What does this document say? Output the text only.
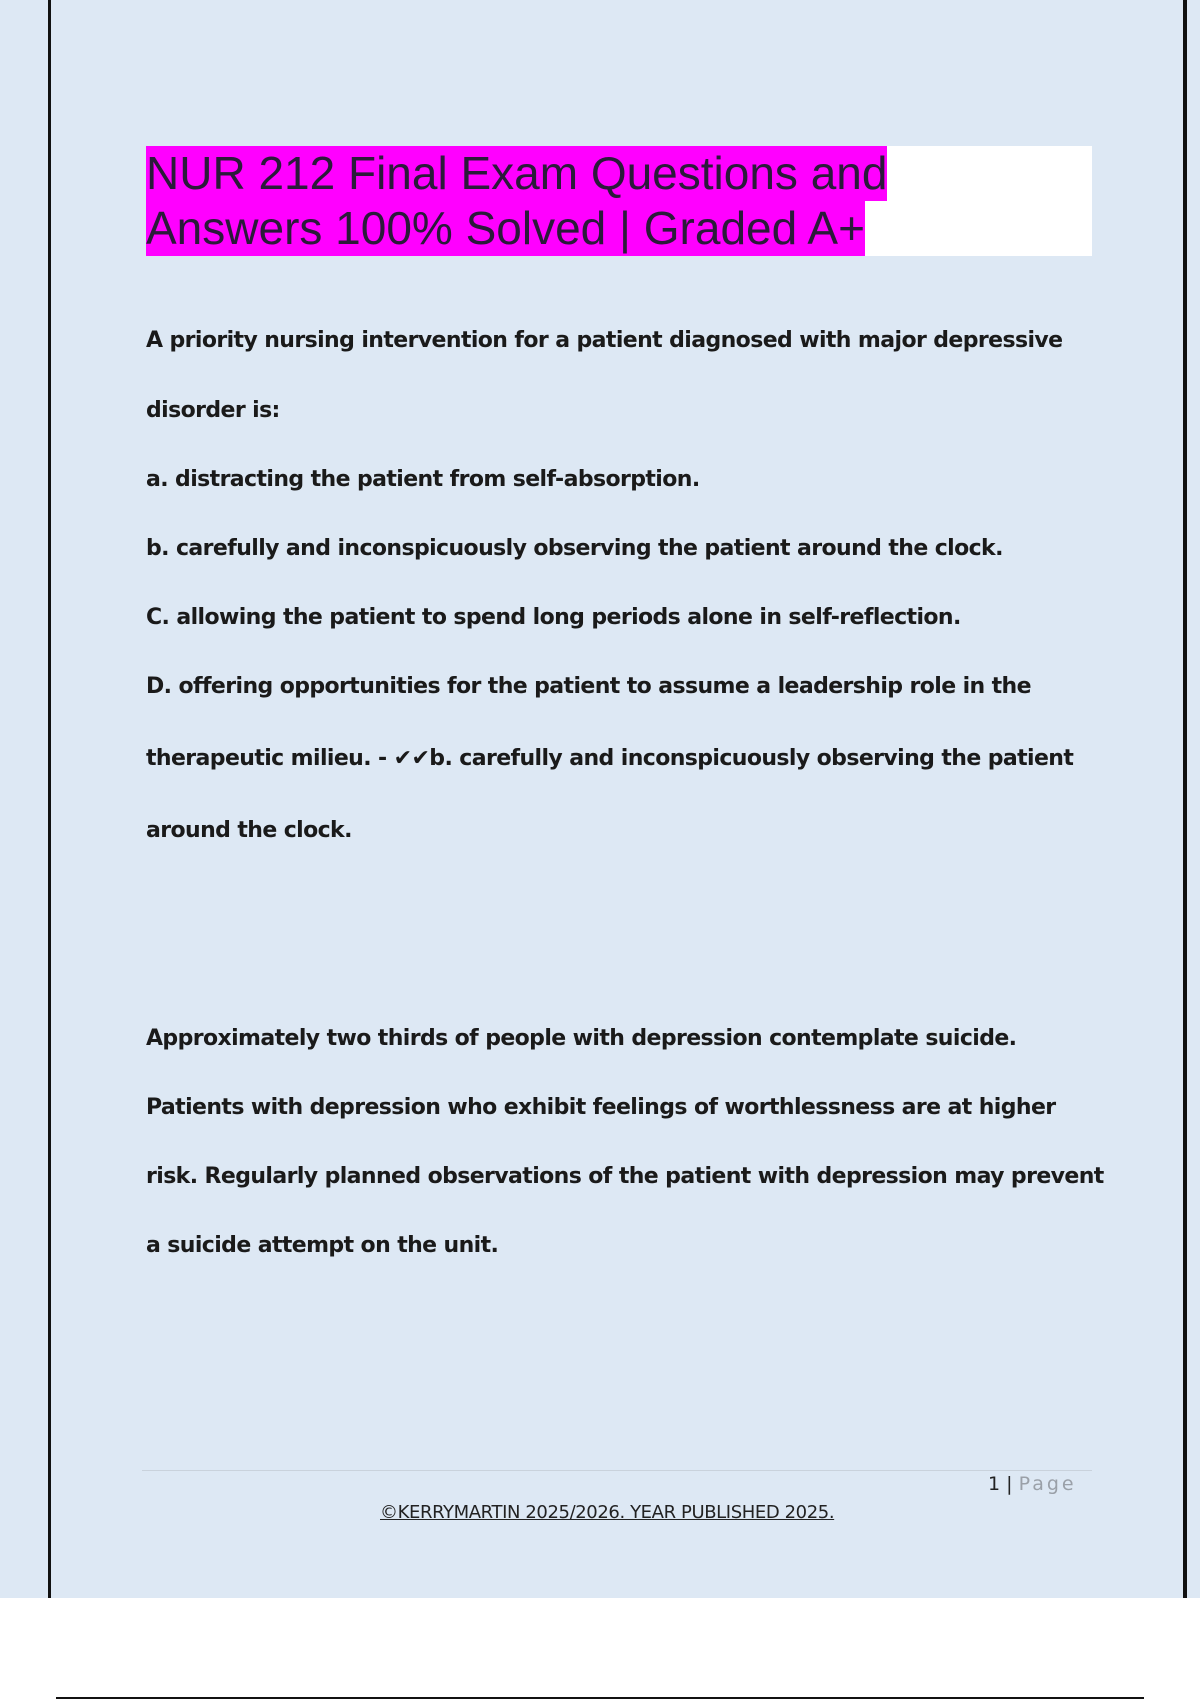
NUR 212 Final Exam Questions and
Answers 100% Solved | Graded A+
A priority nursing intervention for a patient diagnosed with major depressive
disorder is:
a. distracting the patient from self-absorption.
b. carefully and inconspicuously observing the patient around the clock.
C. allowing the patient to spend long periods alone in self-reflection.
D. offering opportunities for the patient to assume a leadership role in the
therapeutic milieu. - ✔✔b. carefully and inconspicuously observing the patient
around the clock.
Approximately two thirds of people with depression contemplate suicide.
Patients with depression who exhibit feelings of worthlessness are at higher
risk. Regularly planned observations of the patient with depression may prevent
a suicide attempt on the unit.
1 | Page
©KERRYMARTIN 2025/2026. YEAR PUBLISHED 2025.
